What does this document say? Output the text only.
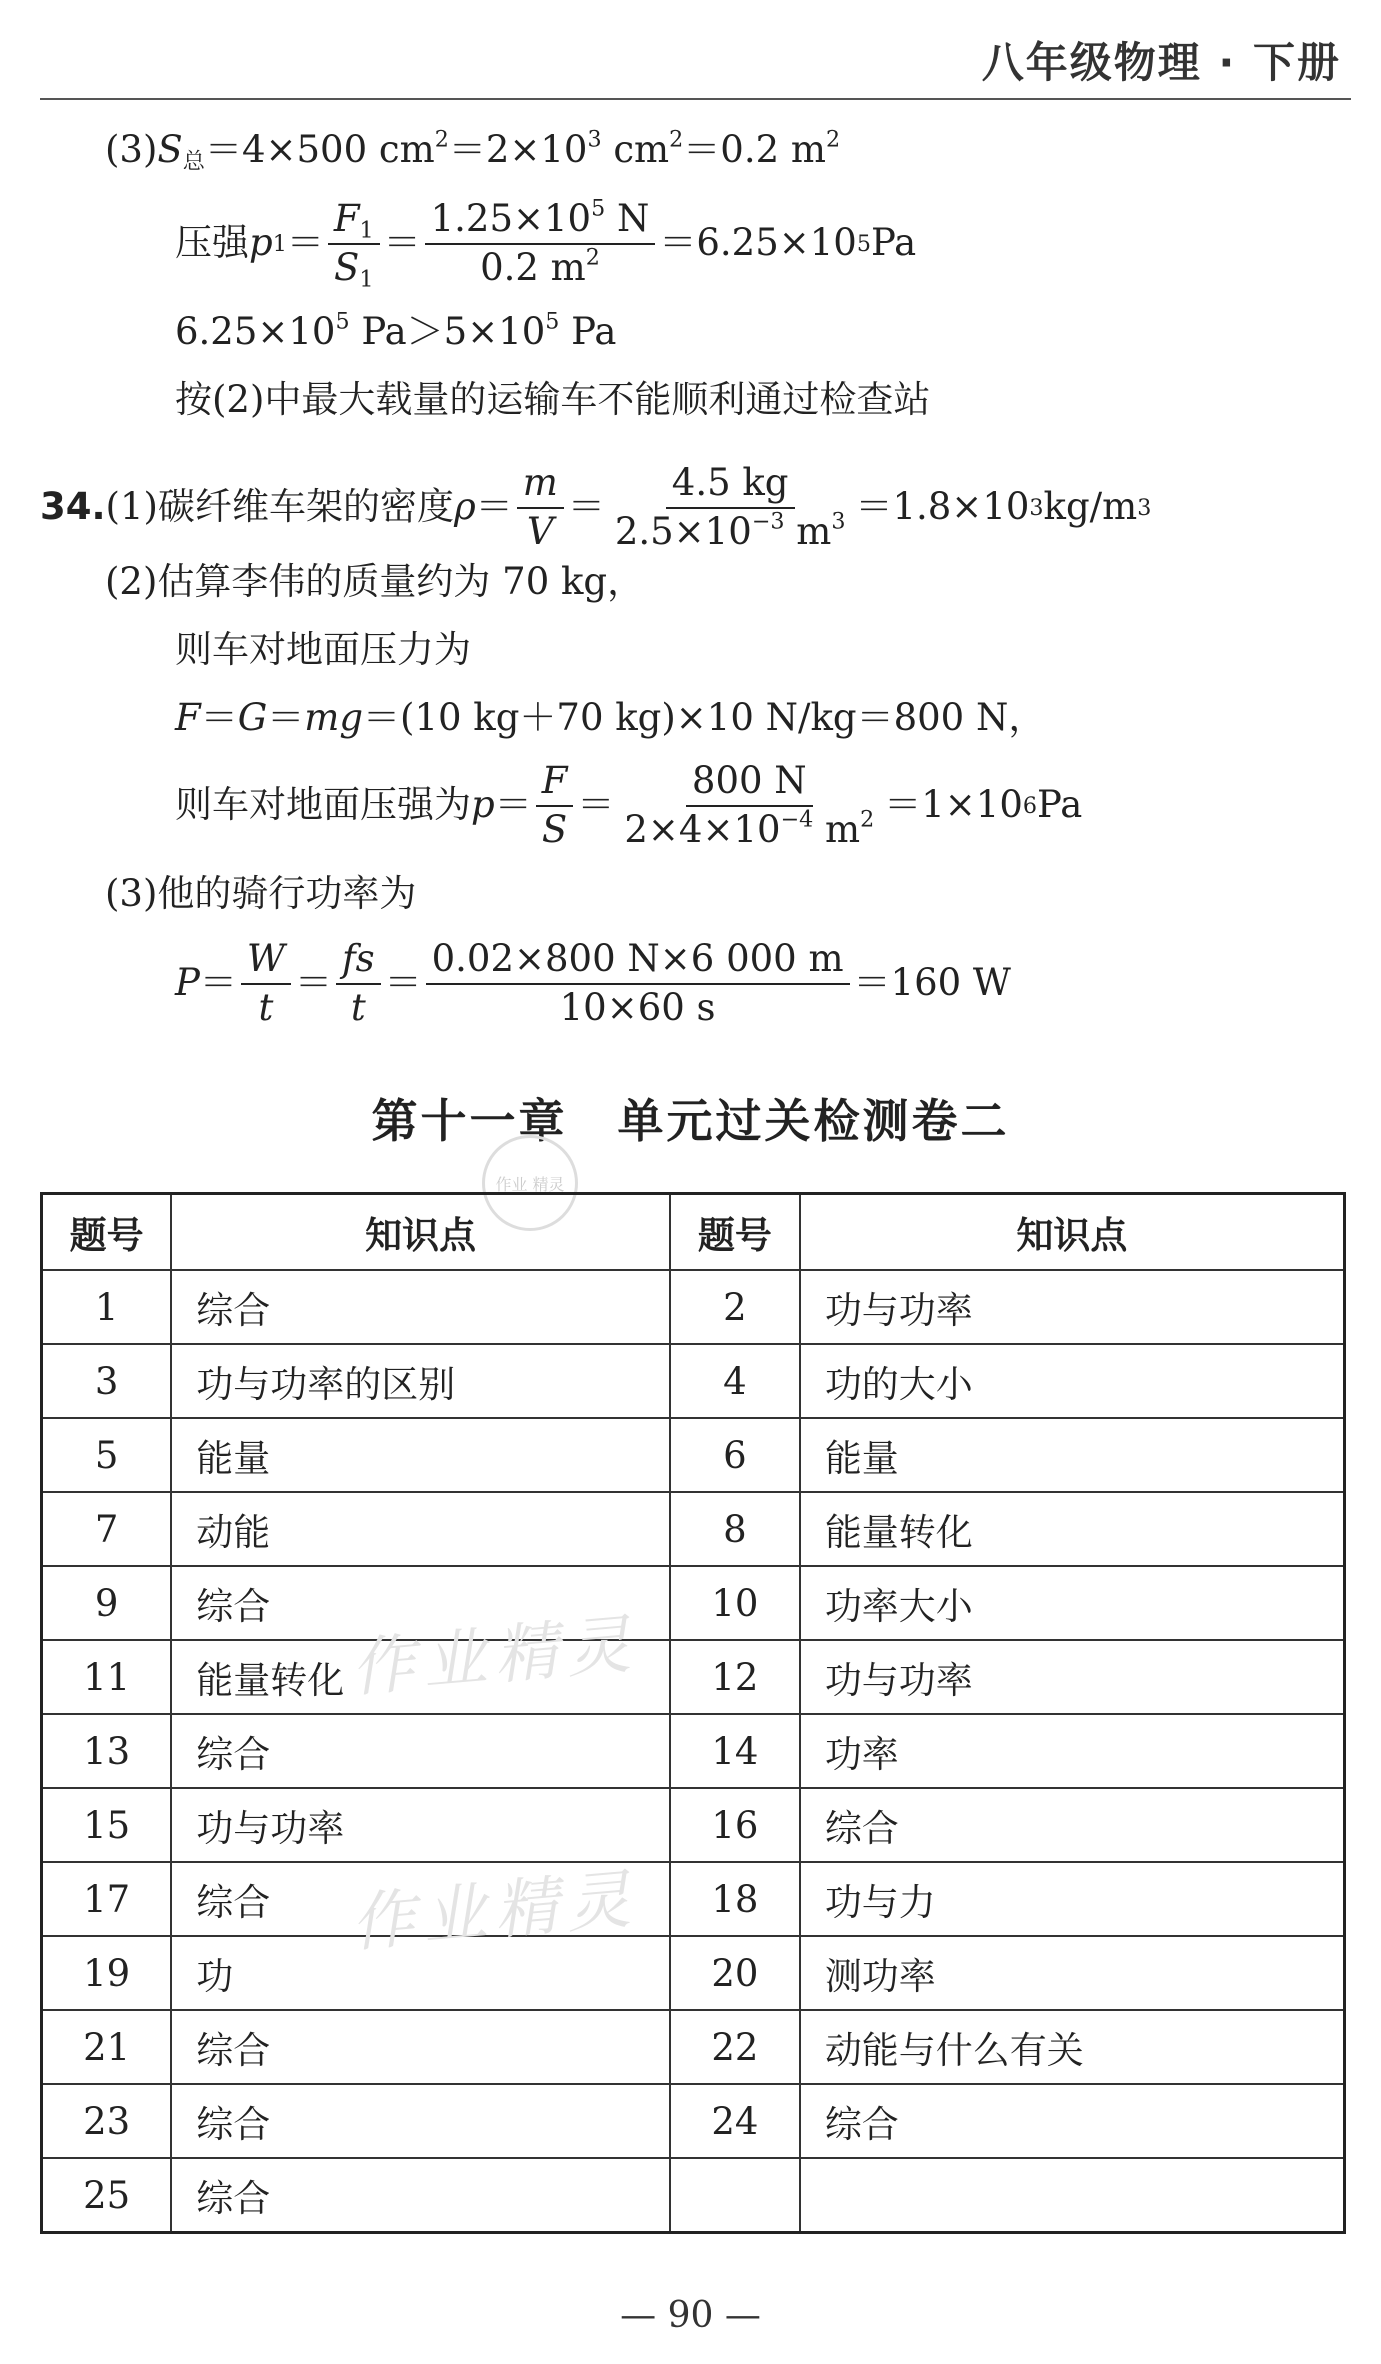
八年级物理 · 下册
$(3)S_总=4\times 500$ $cm^2=2\times 10^3$ $cm^2=0.2$ $m^2$
压强 p $1 = \frac{F_1}{S_1} = \frac{1.25\times 10^5 N}{0.2 m^2} =6.25\times 10$ 5 Pa
$6.25\times 10^5$ $Pa>5\times 10^5$ Pa
按(2)中最大载量的运输车不能顺利通过检查站
34. (1)碳纤维车架的密度 $\rho = \frac{m}{V} = \frac{4.5 kg}{2.5\times 10^{-3} m^3} =1.8\times 10$ 3 kg/m 3
(2)估算李伟的质量约为 70 kg，
则车对地面压力为
F＝G＝mg＝(10 kg＋70 kg)×10 N/kg＝800 N，
则车对地面压强为 $p = \frac{F}{S} = \frac{800 N}{2\times 4\times 10^{-4} m^2} =1\times 10$ 6 Pa
(3)他的骑行功率为
$P = \frac{W}{t} = \frac{fs}{t} = \frac{0.02\times 800 N\times 6 000 m}{10\times 60 s} =160$ W
第十一章 单元过关检测卷二
作业 精灵
题号	知识点	题号	知识点
1	综合	2	功与功率
3	功与功率的区别	4	功的大小
5	能量	6	能量
7	动能	8	能量转化
9	综合	10	功率大小
11	能量转化	12	功与功率
13	综合	14	功率
15	功与功率	16	综合
17	综合	18	功与力
19	功	20	测功率
21	综合	22	动能与什么有关
23	综合	24	综合
25	综合		
作业精灵
作业精灵
— 90 —
